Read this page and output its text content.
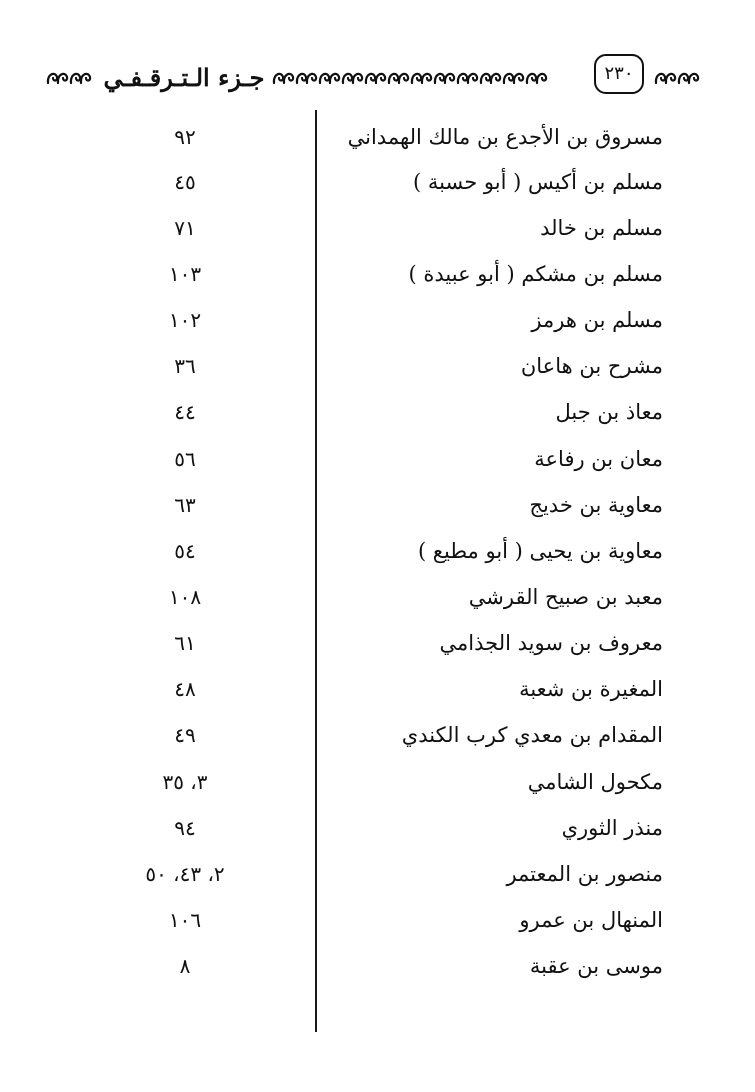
جـزء الـتـرقـفـي	٢٣٠
مسروق بن الأجدع بن مالك الهمداني
٩٢
مسلم بن أكيس ( أبو حسبة )
٤٥
مسلم بن خالد
٧١
مسلم بن مشكم ( أبو عبيدة )
١٠٣
مسلم بن هرمز
١٠٢
مشرح بن هاعان
٣٦
معاذ بن جبل
٤٤
معان بن رفاعة
٥٦
معاوية بن خديج
٦٣
معاوية بن يحيى ( أبو مطيع )
٥٤
معبد بن صبيح القرشي
١٠٨
معروف بن سويد الجذامي
٦١
المغيرة بن شعبة
٤٨
المقدام بن معدي كرب الكندي
٤٩
مكحول الشامي
٣، ٣٥
منذر الثوري
٩٤
منصور بن المعتمر
٢، ٤٣، ٥٠
المنهال بن عمرو
١٠٦
موسى بن عقبة
٨
